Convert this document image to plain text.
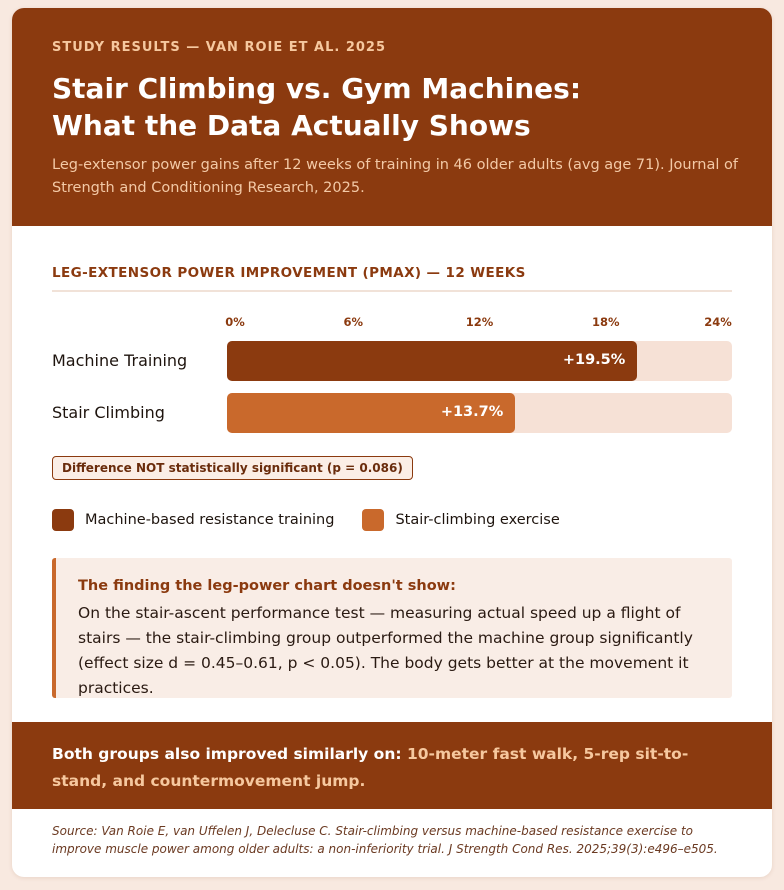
STUDY RESULTS — VAN ROIE ET AL. 2025
Stair Climbing vs. Gym Machines: What the Data Actually Shows
Leg-extensor power gains after 12 weeks of training in 46 older adults (avg age 71). Journal of Strength and Conditioning Research, 2025.
LEG-EXTENSOR POWER IMPROVEMENT (PMAX) — 12 WEEKS
0%	6%	12%	18%	24%
Machine Training	+19.5%
Stair Climbing	+13.7%
Difference NOT statistically significant (p = 0.086)
Machine-based resistance training	Stair-climbing exercise
The finding the leg-power chart doesn't show:
On the stair-ascent performance test — measuring actual speed up a flight of stairs — the stair-climbing group outperformed the machine group significantly (effect size d = 0.45–0.61, p < 0.05). The body gets better at the movement it practices.
Both groups also improved similarly on: 10-meter fast walk, 5-rep sit-to-stand, and countermovement jump.
Source: Van Roie E, van Uffelen J, Delecluse C. Stair-climbing versus machine-based resistance exercise to improve muscle power among older adults: a non-inferiority trial. J Strength Cond Res. 2025;39(3):e496–e505.
